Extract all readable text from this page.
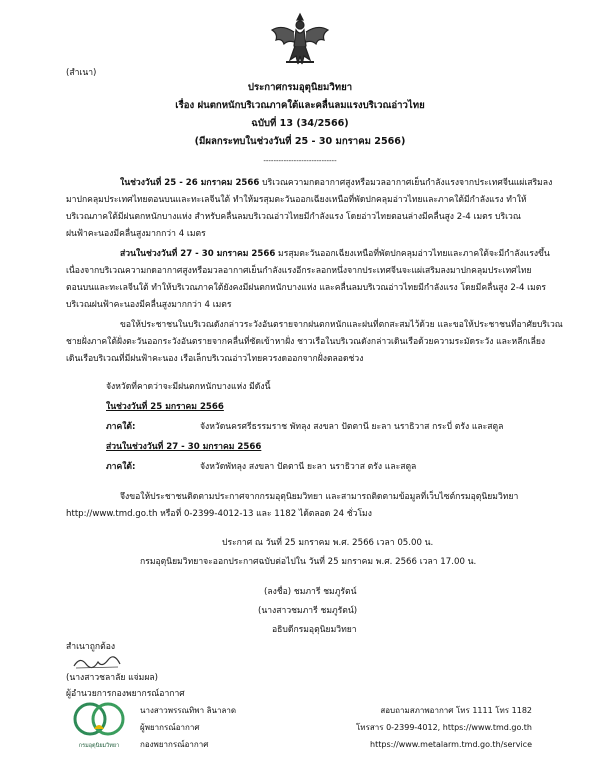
(สำเนา)
ประกาศกรมอุตุนิยมวิทยา
เรื่อง ฝนตกหนักบริเวณภาคใต้และคลื่นลมแรงบริเวณอ่าวไทย
ฉบับที่ 13 (34/2566)
(มีผลกระทบในช่วงวันที่ 25 - 30 มกราคม 2566)
-----------------------------
ในช่วงวันที่ 25 - 26 มกราคม 2566 บริเวณความกดอากาศสูงหรือมวลอากาศเย็นกำลังแรงจากประเทศจีนแผ่เสริมลง
มาปกคลุมประเทศไทยตอนบนและทะเลจีนใต้ ทำให้มรสุมตะวันออกเฉียงเหนือที่พัดปกคลุมอ่าวไทยและภาคใต้มีกำลังแรง ทำให้
บริเวณภาคใต้มีฝนตกหนักบางแห่ง สำหรับคลื่นลมบริเวณอ่าวไทยมีกำลังแรง โดยอ่าวไทยตอนล่างมีคลื่นสูง 2-4 เมตร บริเวณ
ฝนฟ้าคะนองมีคลื่นสูงมากกว่า 4 เมตร
ส่วนในช่วงวันที่ 27 - 30 มกราคม 2566 มรสุมตะวันออกเฉียงเหนือที่พัดปกคลุมอ่าวไทยและภาคใต้จะมีกำลังแรงขึ้น
เนื่องจากบริเวณความกดอากาศสูงหรือมวลอากาศเย็นกำลังแรงอีกระลอกหนึ่งจากประเทศจีนจะแผ่เสริมลงมาปกคลุมประเทศไทย
ตอนบนและทะเลจีนใต้ ทำให้บริเวณภาคใต้ยังคงมีฝนตกหนักบางแห่ง และคลื่นลมบริเวณอ่าวไทยมีกำลังแรง โดยมีคลื่นสูง 2-4 เมตร
บริเวณฝนฟ้าคะนองมีคลื่นสูงมากกว่า 4 เมตร
ขอให้ประชาชนในบริเวณดังกล่าวระวังอันตรายจากฝนตกหนักและฝนที่ตกสะสมไว้ด้วย และขอให้ประชาชนที่อาศัยบริเวณ
ชายฝั่งภาคใต้ฝั่งตะวันออกระวังอันตรายจากคลื่นที่ซัดเข้าหาฝั่ง ชาวเรือในบริเวณดังกล่าวเดินเรือด้วยความระมัดระวัง และหลีกเลี่ยง
เดินเรือบริเวณที่มีฝนฟ้าคะนอง เรือเล็กบริเวณอ่าวไทยควรงดออกจากฝั่งตลอดช่วง
จังหวัดที่คาดว่าจะมีฝนตกหนักบางแห่ง มีดังนี้
ในช่วงวันที่ 25 มกราคม 2566
ภาคใต้:	จังหวัดนครศรีธรรมราช พัทลุง สงขลา ปัตตานี ยะลา นราธิวาส กระบี่ ตรัง และสตูล
ส่วนในช่วงวันที่ 27 - 30 มกราคม 2566
ภาคใต้:	จังหวัดพัทลุง สงขลา ปัตตานี ยะลา นราธิวาส ตรัง และสตูล
จึงขอให้ประชาชนติดตามประกาศจากกรมอุตุนิยมวิทยา และสามารถติดตามข้อมูลที่เว็บไซต์กรมอุตุนิยมวิทยา
http://www.tmd.go.th หรือที่ 0-2399-4012-13 และ 1182 ได้ตลอด 24 ชั่วโมง
ประกาศ ณ วันที่ 25 มกราคม พ.ศ. 2566 เวลา 05.00 น.
กรมอุตุนิยมวิทยาจะออกประกาศฉบับต่อไปใน วันที่ 25 มกราคม พ.ศ. 2566 เวลา 17.00 น.
(ลงชื่อ) ชมภารี ชมภูรัตน์
(นางสาวชมภารี ชมภูรัตน์)
อธิบดีกรมอุตุนิยมวิทยา
สำเนาถูกต้อง
(นางสาวชลาลัย แจ่มผล)
ผู้อำนวยการกองพยากรณ์อากาศ
กรมอุตุนิยมวิทยา
นางสาวพรรณทิพา ลินาลาด
ผู้พยากรณ์อากาศ
กองพยากรณ์อากาศ
สอบถามสภาพอากาศ โทร 1111 โทร 1182
โทรสาร 0-2399-4012, https://www.tmd.go.th
https://www.metalarm.tmd.go.th/service
